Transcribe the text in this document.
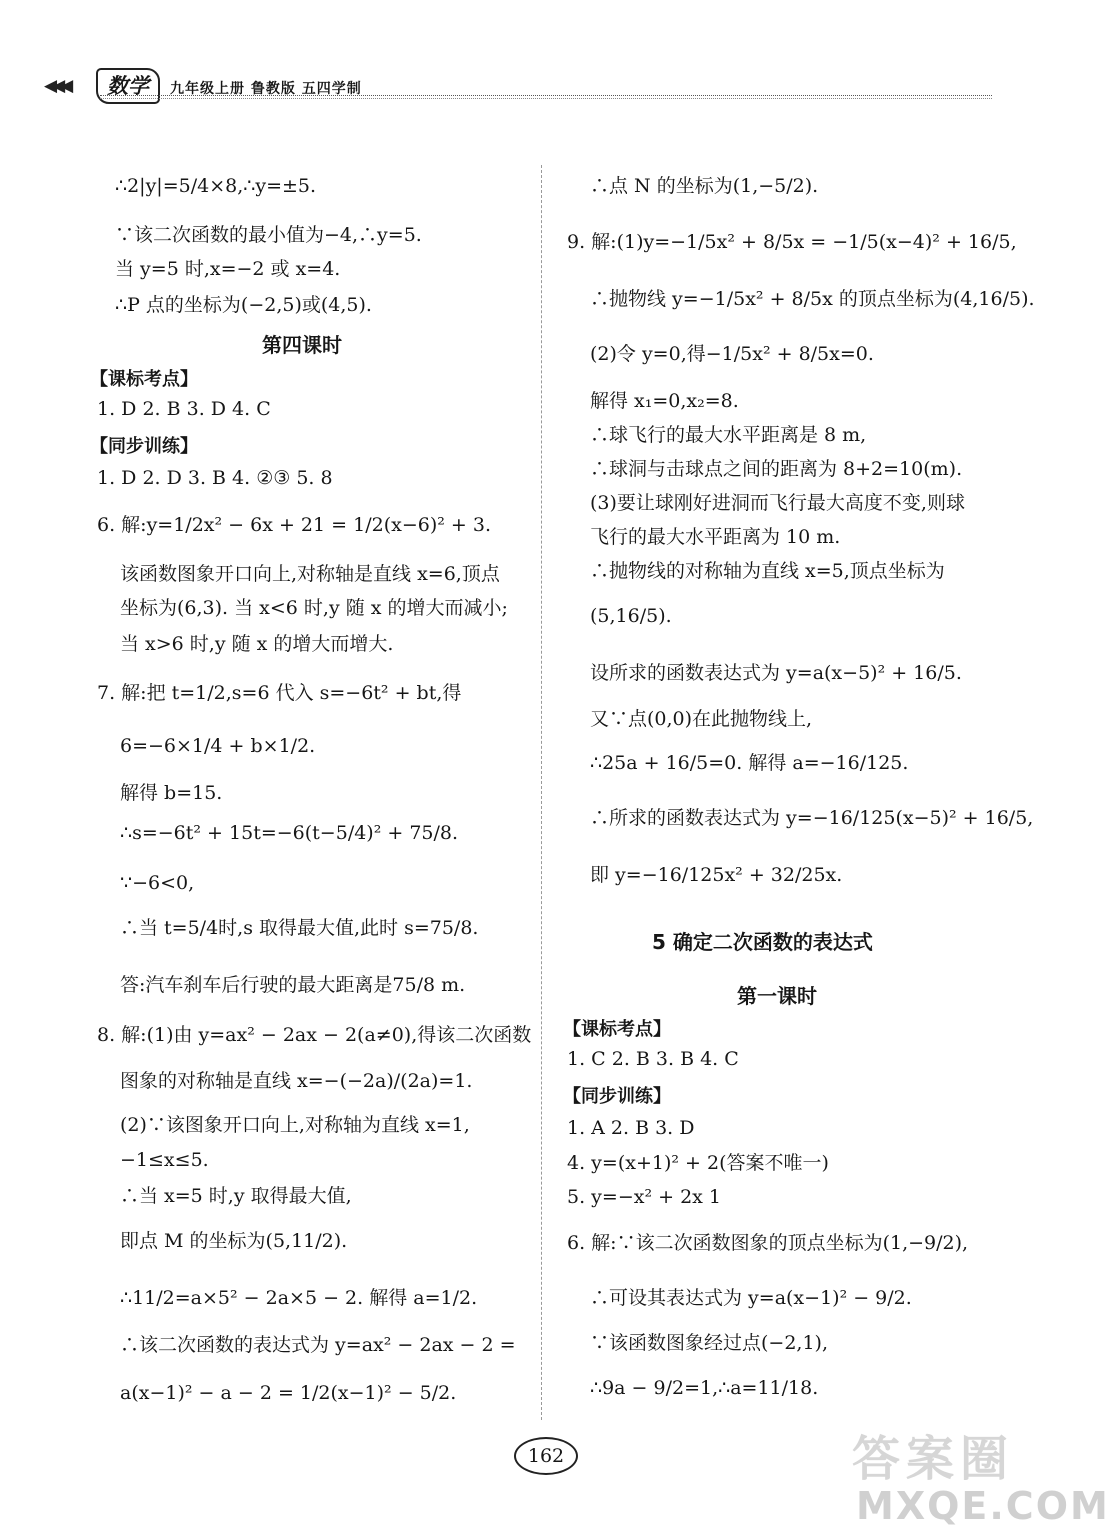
◀◀◀	数学	九年级上册 鲁教版 五四学制
∴2|y|=5/4×8,∴y=±5.
∵该二次函数的最小值为−4,∴y=5.
当 y=5 时,x=−2 或 x=4.
∴P 点的坐标为(−2,5)或(4,5).
第四课时
【课标考点】
1. D 2. B 3. D 4. C
【同步训练】
1. D 2. D 3. B 4. ②③ 5. 8
6. 解:y=1/2x² − 6x + 21 = 1/2(x−6)² + 3.
该函数图象开口向上,对称轴是直线 x=6,顶点
坐标为(6,3). 当 x<6 时,y 随 x 的增大而减小;
当 x>6 时,y 随 x 的增大而增大.
7. 解:把 t=1/2,s=6 代入 s=−6t² + bt,得
6=−6×1/4 + b×1/2.
解得 b=15.
∴s=−6t² + 15t=−6(t−5/4)² + 75/8.
∵−6<0,
∴当 t=5/4时,s 取得最大值,此时 s=75/8.
答:汽车刹车后行驶的最大距离是75/8 m.
8. 解:(1)由 y=ax² − 2ax − 2(a≠0),得该二次函数
图象的对称轴是直线 x=−(−2a)/(2a)=1.
(2)∵该图象开口向上,对称轴为直线 x=1,
−1≤x≤5.
∴当 x=5 时,y 取得最大值,
即点 M 的坐标为(5,11/2).
∴11/2=a×5² − 2a×5 − 2. 解得 a=1/2.
∴该二次函数的表达式为 y=ax² − 2ax − 2 =
a(x−1)² − a − 2 = 1/2(x−1)² − 5/2.
∴点 N 的坐标为(1,−5/2).
9. 解:(1)y=−1/5x² + 8/5x = −1/5(x−4)² + 16/5,
∴抛物线 y=−1/5x² + 8/5x 的顶点坐标为(4,16/5).
(2)令 y=0,得−1/5x² + 8/5x=0.
解得 x₁=0,x₂=8.
∴球飞行的最大水平距离是 8 m,
∴球洞与击球点之间的距离为 8+2=10(m).
(3)要让球刚好进洞而飞行最大高度不变,则球
飞行的最大水平距离为 10 m.
∴抛物线的对称轴为直线 x=5,顶点坐标为
(5,16/5).
设所求的函数表达式为 y=a(x−5)² + 16/5.
又∵点(0,0)在此抛物线上,
∴25a + 16/5=0. 解得 a=−16/125.
∴所求的函数表达式为 y=−16/125(x−5)² + 16/5,
即 y=−16/125x² + 32/25x.
5 确定二次函数的表达式
第一课时
【课标考点】
1. C 2. B 3. B 4. C
【同步训练】
1. A 2. B 3. D
4. y=(x+1)² + 2(答案不唯一)
5. y=−x² + 2x 1
6. 解:∵该二次函数图象的顶点坐标为(1,−9/2),
∴可设其表达式为 y=a(x−1)² − 9/2.
∵该函数图象经过点(−2,1),
∴9a − 9/2=1,∴a=11/18.
162	答案圈
MXQE.COM
